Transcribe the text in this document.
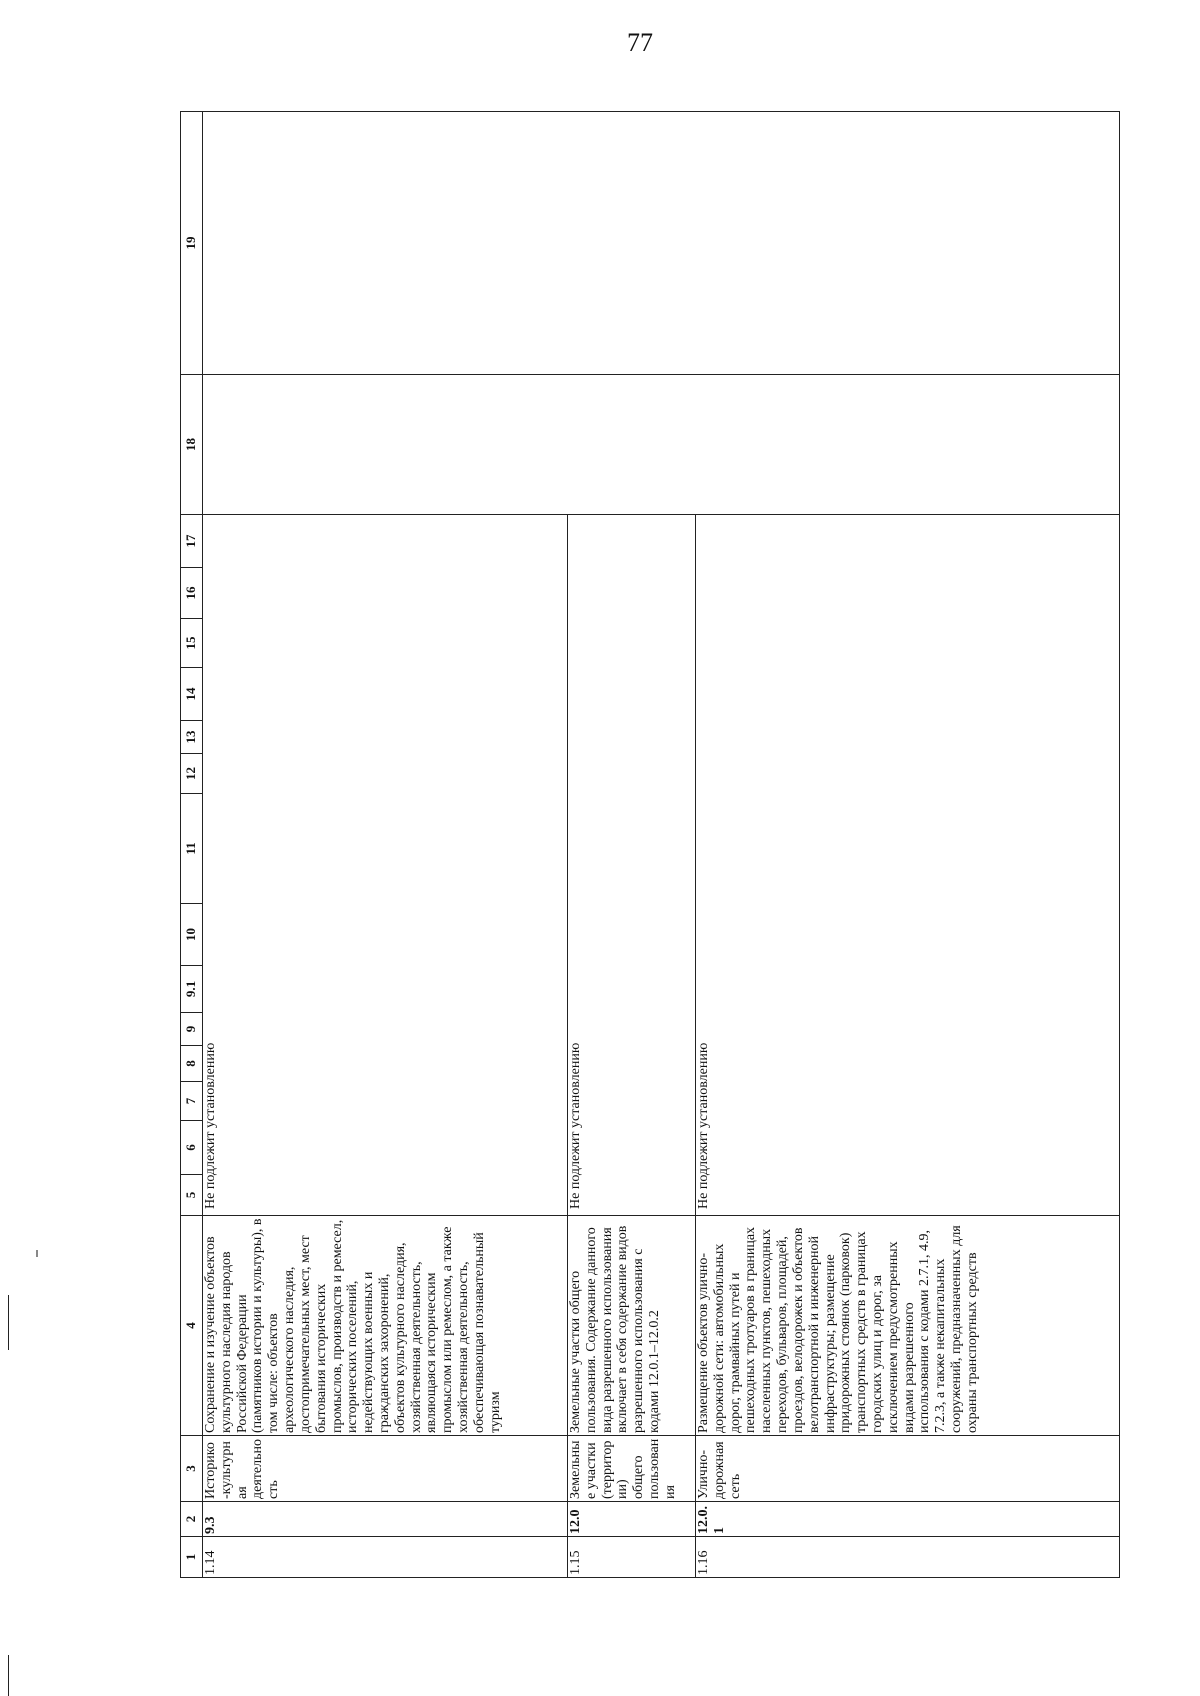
77
1	2	3	4	5	6	7	8	9	9.1	10	11	12	13	14	15	16	17	18	19
1.14	9.3	Историко-культурная деятельность	Сохранение и изучение объектов культурного наследия народов Российской Федерации (памятников истории и культуры), в том числе: объектов археологического наследия, достопримечательных мест, мест бытования исторических промыслов, производств и ремесел, исторических поселений, недействующих военных и гражданских захоронений, объектов культурного наследия, хозяйственная деятельность, являющаяся историческим промыслом или ремеслом, а также хозяйственная деятельность, обеспечивающая познавательный туризм	Не подлежит установлению															
1.15	12.0	Земельные участки (территории) общего пользования	Земельные участки общего пользования. Содержание данного вида разрешенного использования включает в себя содержание видов разрешенного использования с кодами 12.0.1–12.0.2	Не подлежит установлению															
1.16	12.0.1	Улично-дорожная сеть	Размещение объектов улично-дорожной сети: автомобильных дорог, трамвайных путей и пешеходных тротуаров в границах населенных пунктов, пешеходных переходов, бульваров, площадей, проездов, велодорожек и объектов велотранспортной и инженерной инфраструктуры; размещение придорожных стоянок (парковок) транспортных средств в границах городских улиц и дорог, за исключением предусмотренных видами разрешенного использования с кодами 2.7.1, 4.9, 7.2.3, а также некапитальных сооружений, предназначенных для охраны транспортных средств	Не подлежит установлению															
